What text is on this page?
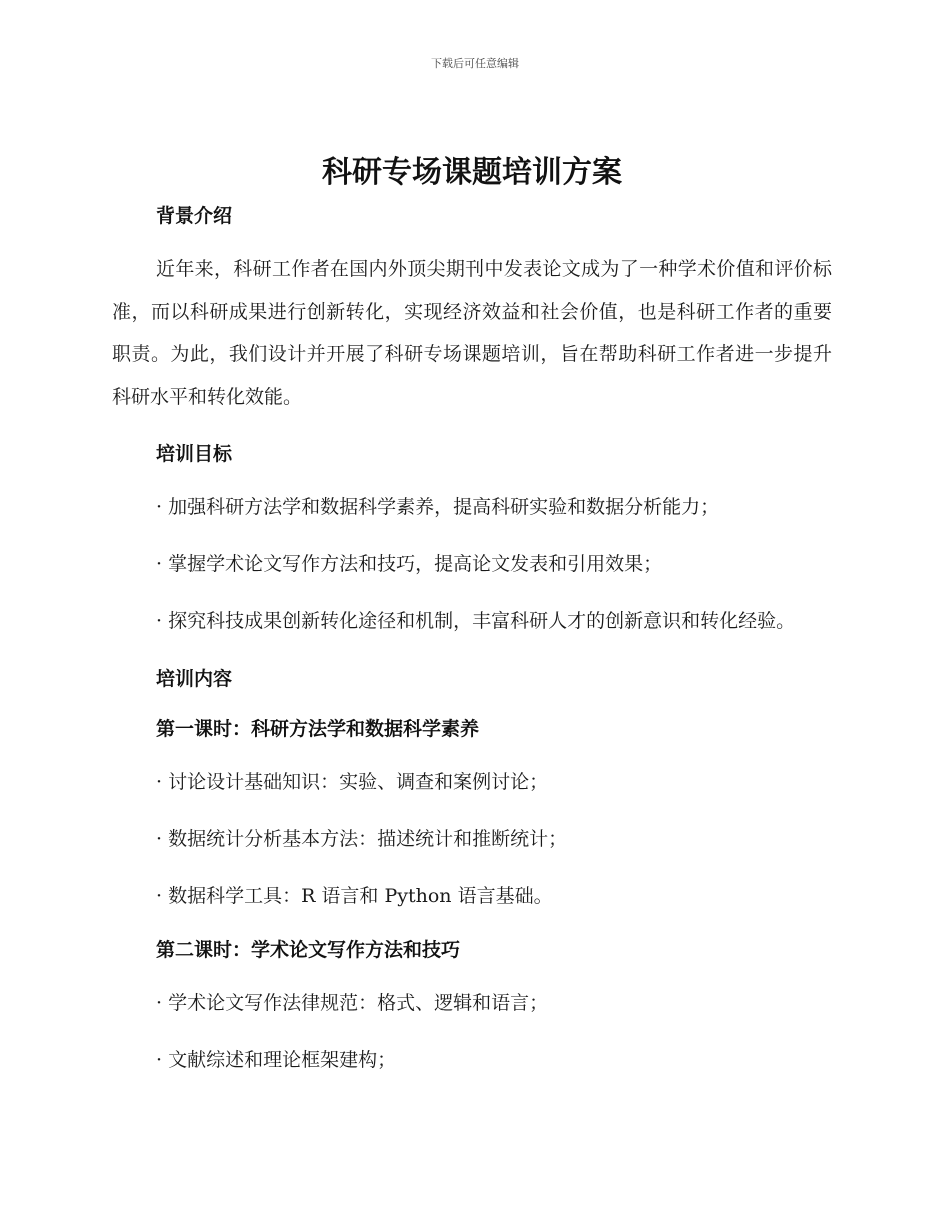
下载后可任意编辑
科研专场课题培训方案

背景介绍

近年来，科研工作者在国内外顶尖期刊中发表论文成为了一种学术价值和评价标准，而以科研成果进行创新转化，实现经济效益和社会价值，也是科研工作者的重要职责。为此，我们设计并开展了科研专场课题培训，旨在帮助科研工作者进一步提升科研水平和转化效能。

培训目标

· 加强科研方法学和数据科学素养，提高科研实验和数据分析能力；

· 掌握学术论文写作方法和技巧，提高论文发表和引用效果；

· 探究科技成果创新转化途径和机制，丰富科研人才的创新意识和转化经验。

培训内容

第一课时：科研方法学和数据科学素养

· 讨论设计基础知识：实验、调查和案例讨论；

· 数据统计分析基本方法：描述统计和推断统计；

· 数据科学工具：R 语言和 Python 语言基础。

第二课时：学术论文写作方法和技巧

· 学术论文写作法律规范：格式、逻辑和语言；

· 文献综述和理论框架建构；
